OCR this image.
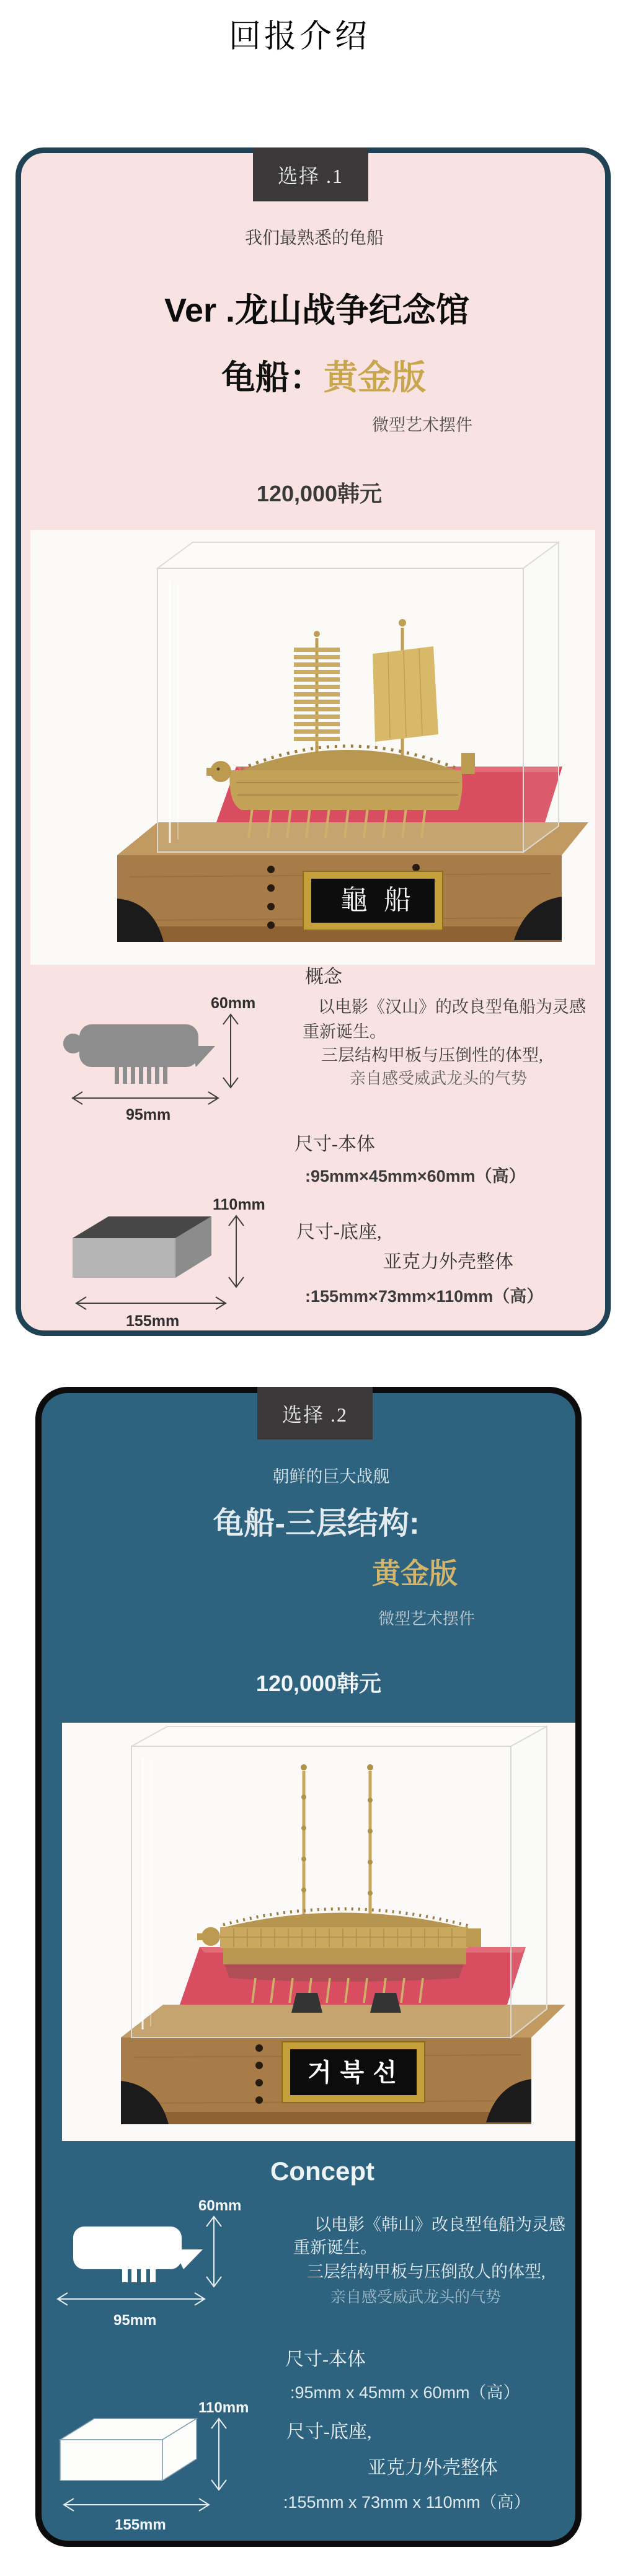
回报介绍
选择 .1
我们最熟悉的龟船
Ver .龙山战争纪念馆
龟船：黄金版
微型艺术摆件
120,000韩元
龜船
概念
以电影《汉山》的改良型龟船为灵感
重新诞生。
三层结构甲板与压倒性的体型,
亲自感受威武龙头的气势
60mm
95mm
尺寸-本体
:95mm×45mm×60mm（高）
110mm
155mm
尺寸-底座,
亚克力外壳整体
:155mm×73mm×110mm（高）
选择 .2
朝鲜的巨大战舰
龟船-三层结构:
黄金版
微型艺术摆件
120,000韩元
거북선
Concept
以电影《韩山》改良型龟船为灵感
重新诞生。
三层结构甲板与压倒敌人的体型,
亲自感受威武龙头的气势
60mm
95mm
尺寸-本体
:95mm x 45mm x 60mm（高）
110mm
155mm
尺寸-底座,
亚克力外壳整体
:155mm x 73mm x 110mm（高）
